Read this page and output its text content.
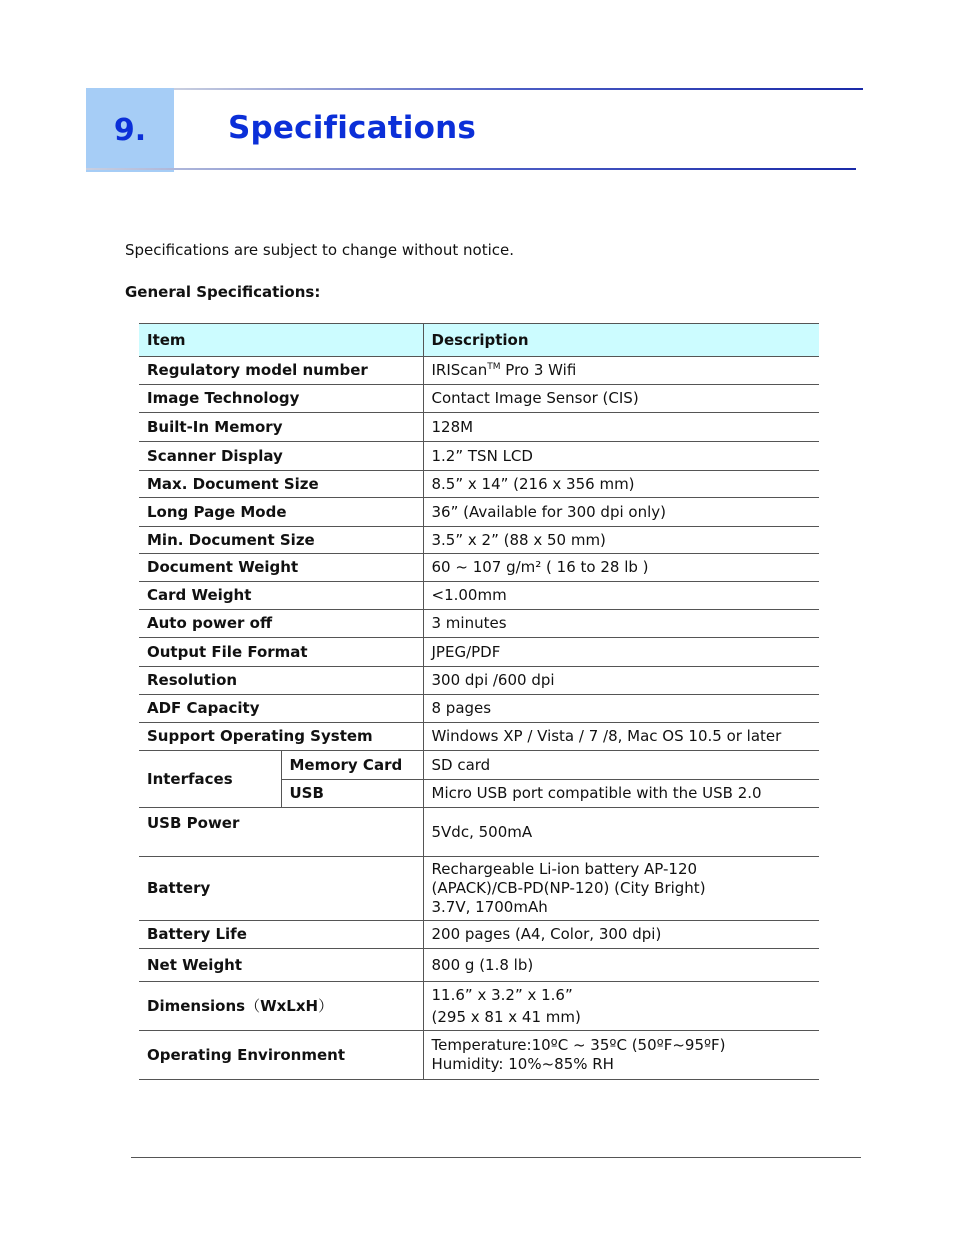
9.	Specifications
Specifications are subject to change without notice.
General Specifications:
Item		Description
Regulatory model number		IRIScan™ Pro 3 Wifi
Image Technology		Contact Image Sensor (CIS)
Built-In Memory		128M
Scanner Display		1.2” TSN LCD
Max. Document Size		8.5” x 14” (216 x 356 mm)
Long Page Mode		36” (Available for 300 dpi only)
Min. Document Size		3.5” x 2” (88 x 50 mm)
Document Weight		60 ~ 107 g/m² ( 16 to 28 lb )
Card Weight		<1.00mm
Auto power off		3 minutes
Output File Format		JPEG/PDF
Resolution		300 dpi /600 dpi
ADF Capacity		8 pages
Support Operating System		Windows XP / Vista / 7 /8, Mac OS 10.5 or later
Interfaces	Memory Card	SD card
	USB	Micro USB port compatible with the USB 2.0
USB Power		5Vdc, 500mA
Battery		Rechargeable Li-ion battery AP-120
(APACK)/CB-PD(NP-120) (City Bright)
3.7V, 1700mAh

Battery Life		200 pages (A4, Color, 300 dpi)
Net Weight		800 g (1.8 lb)
Dimensions（WxLxH）		11.6” x 3.2” x 1.6”
(295 x 81 x 41 mm)

Operating Environment		Temperature:10ºC ~ 35ºC (50ºF~95ºF)
Humidity: 10%~85% RH
